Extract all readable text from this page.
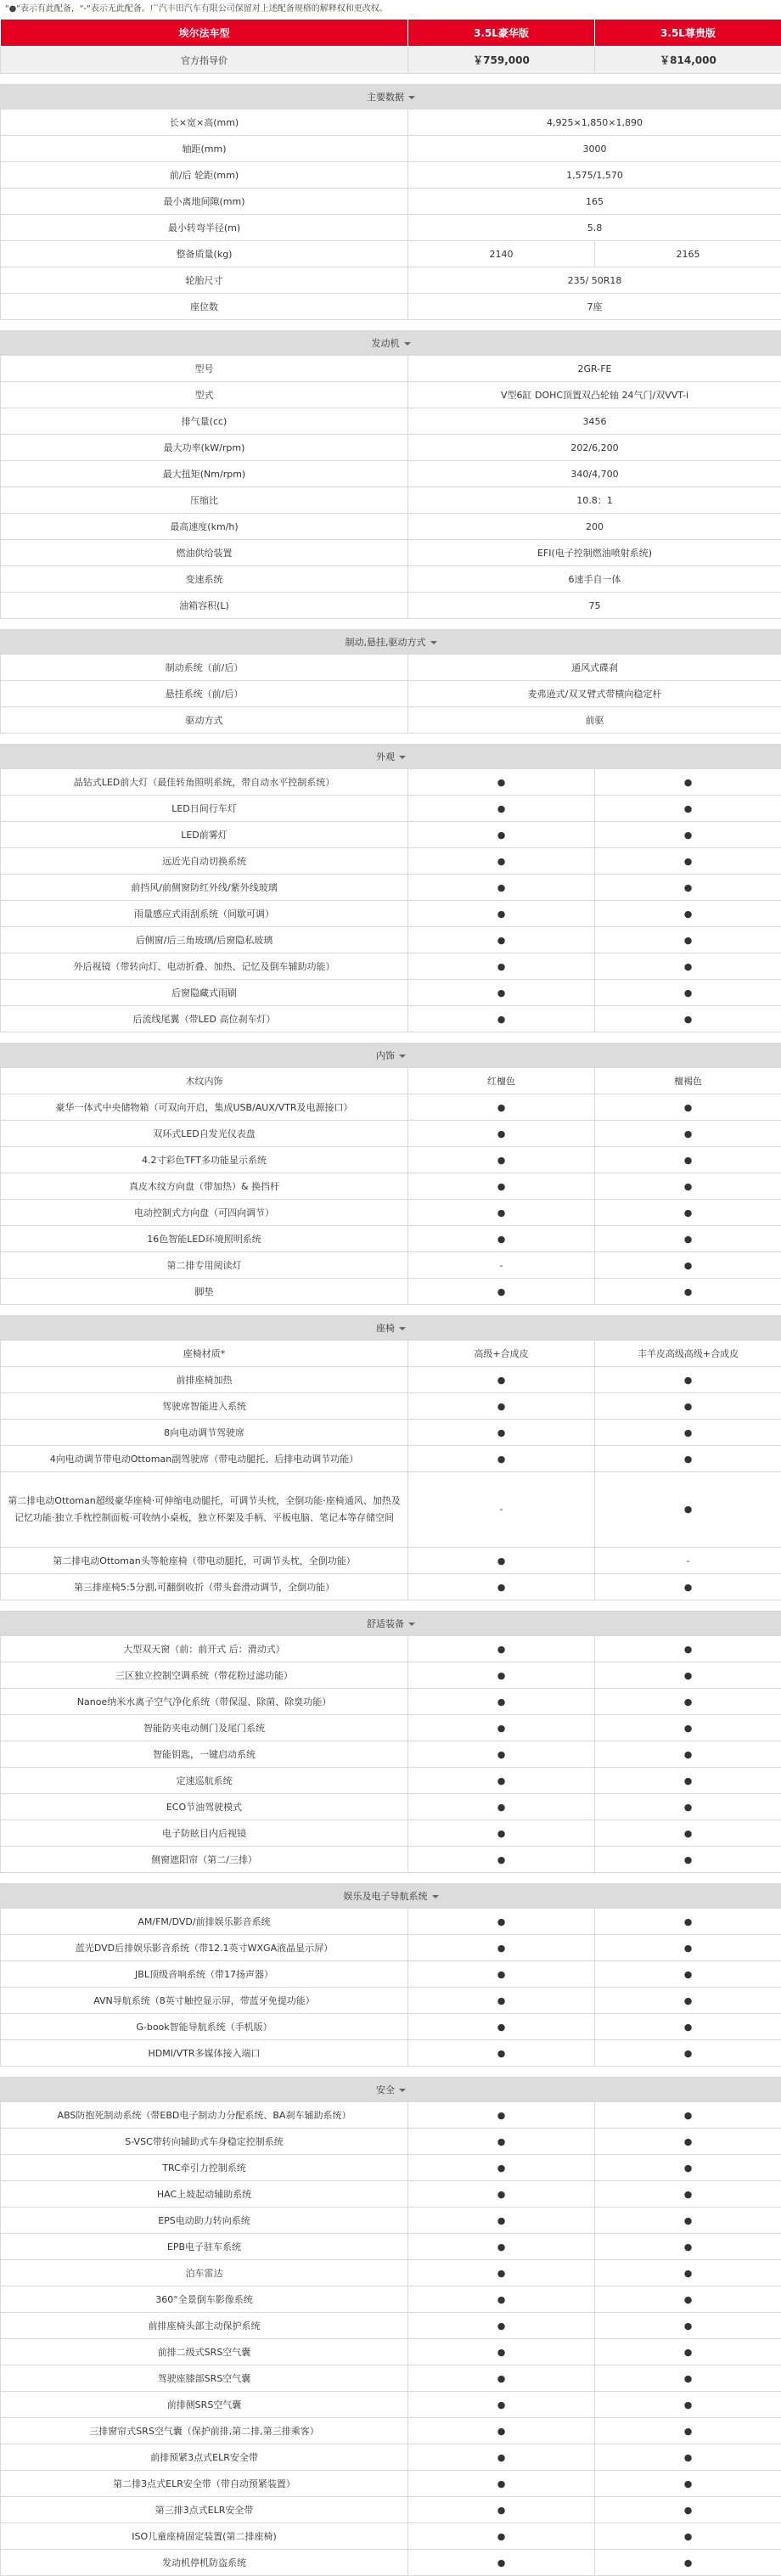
"●"表示有此配备，"-"表示无此配备。广汽丰田汽车有限公司保留对上述配备规格的解释权和更改权。
埃尔法车型	3.5L豪华版	3.5L尊贵版
官方指导价	￥759,000	￥814,000

主要数据		
长×宽×高(mm)	4,925×1,850×1,890	
轴距(mm)	3000	
前/后 轮距(mm)	1,575/1,570	
最小离地间隙(mm)	165	
最小转弯半径(m)	5.8	
整备质量(kg)	2140	2165
轮胎尺寸	235/ 50R18	
座位数	7座	

发动机		
型号	2GR-FE	
型式	V型6缸 DOHC顶置双凸轮轴 24气门/双VVT-i	
排气量(cc)	3456	
最大功率(kW/rpm)	202/6,200	
最大扭矩(Nm/rpm)	340/4,700	
压缩比	10.8：1	
最高速度(km/h)	200	
燃油供给装置	EFI(电子控制燃油喷射系统)	
变速系统	6速手自一体	
油箱容积(L)	75	

制动,悬挂,驱动方式		
制动系统（前/后）	通风式碟刹	
悬挂系统（前/后）	麦弗逊式/双叉臂式带横向稳定杆	
驱动方式	前驱	

外观		
晶钻式LED前大灯（最佳转角照明系统，带自动水平控制系统）	●	●
LED日间行车灯	●	●
LED前雾灯	●	●
远近光自动切换系统	●	●
前挡风/前侧窗防红外线/紫外线玻璃	●	●
雨量感应式雨刮系统（间歇可调）	●	●
后侧窗/后三角玻璃/后窗隐私玻璃	●	●
外后视镜（带转向灯、电动折叠、加热、记忆及倒车辅助功能）	●	●
后窗隐藏式雨刷	●	●
后流线尾翼（带LED 高位刹车灯）	●	●

内饰		
木纹内饰	红檀色	檀褐色
豪华一体式中央储物箱（可双向开启，集成USB/AUX/VTR及电源接口）	●	●
双环式LED自发光仪表盘	●	●
4.2寸彩色TFT多功能显示系统	●	●
真皮木纹方向盘（带加热）& 换挡杆	●	●
电动控制式方向盘（可四向调节）	●	●
16色智能LED环境照明系统	●	●
第二排专用阅读灯	-	●
脚垫	●	●

座椅		
座椅材质*	高级+合成皮	丰羊皮高级高级+合成皮
前排座椅加热	●	●
驾驶席智能进入系统	●	●
8向电动调节驾驶席	●	●
4向电动调节带电动Ottoman副驾驶席（带电动腿托、后排电动调节功能）	●	●
第二排电动Ottoman超级豪华座椅·可伸缩电动腿托，可调节头枕，全倒功能·座椅通风、加热及记忆功能·独立手枕控制面板·可收纳小桌板，独立杯架及手柄、平板电脑、笔记本等存储空间	-	●
第二排电动Ottoman头等舱座椅（带电动腿托，可调节头枕，全倒功能）	●	-
第三排座椅5:5分割,可翻倒收折（带头套滑动调节，全倒功能）	●	●

舒适装备		
大型双天窗（前：前开式 后：滑动式）	●	●
三区独立控制空调系统（带花粉过滤功能）	●	●
Nanoe纳米水离子空气净化系统（带保湿、除菌、除臭功能）	●	●
智能防夹电动侧门及尾门系统	●	●
智能钥匙，一键启动系统	●	●
定速巡航系统	●	●
ECO节油驾驶模式	●	●
电子防眩目内后视镜	●	●
侧窗遮阳帘（第二/三排）	●	●

娱乐及电子导航系统		
AM/FM/DVD/前排娱乐影音系统	●	●
蓝光DVD后排娱乐影音系统（带12.1英寸WXGA液晶显示屏）	●	●
JBL顶级音响系统（带17扬声器）	●	●
AVN导航系统（8英寸触控显示屏，带蓝牙免提功能）	●	●
G-book智能导航系统（手机版）	●	●
HDMI/VTR多媒体接入端口	●	●

安全		
ABS防抱死制动系统（带EBD电子制动力分配系统、BA刹车辅助系统）	●	●
S-VSC带转向辅助式车身稳定控制系统	●	●
TRC牵引力控制系统	●	●
HAC上坡起动辅助系统	●	●
EPS电动助力转向系统	●	●
EPB电子驻车系统	●	●
泊车雷达	●	●
360°全景倒车影像系统	●	●
前排座椅头部主动保护系统	●	●
前排二级式SRS空气囊	●	●
驾驶座膝部SRS空气囊	●	●
前排侧SRS空气囊	●	●
三排窗帘式SRS空气囊（保护前排,第二排,第三排乘客）	●	●
前排预紧3点式ELR安全带	●	●
第二排3点式ELR安全带（带自动预紧装置）	●	●
第三排3点式ELR安全带	●	●
ISO儿童座椅固定装置(第二排座椅)	●	●
发动机停机防盗系统	●	●
